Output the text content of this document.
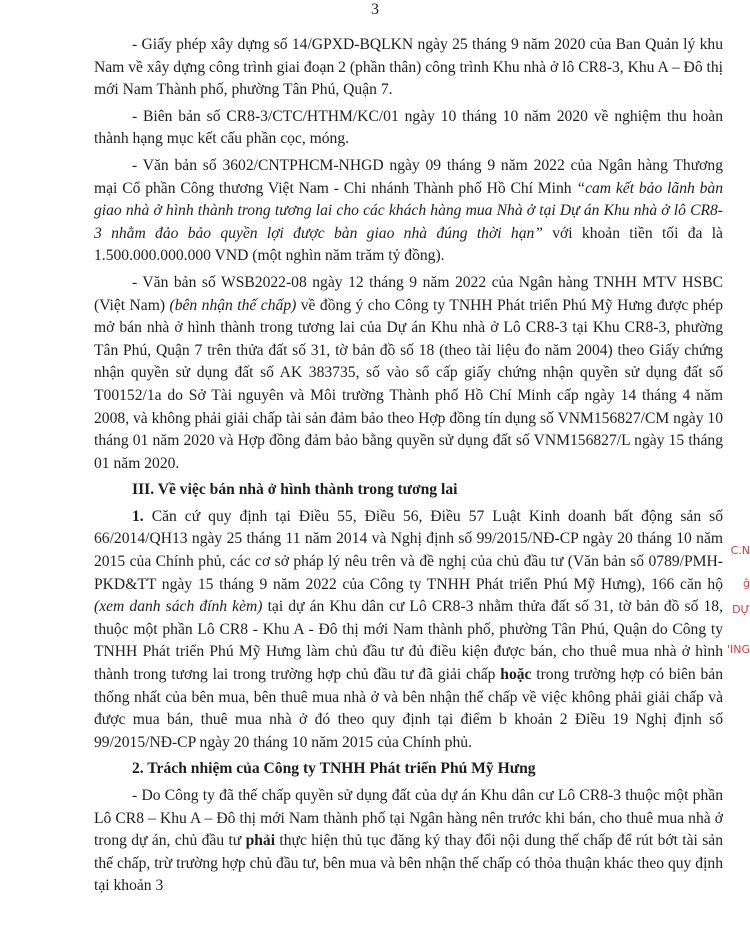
3

- Giấy phép xây dựng số 14/GPXD-BQLKN ngày 25 tháng 9 năm 2020 của Ban Quản lý khu Nam về xây dựng công trình giai đoạn 2 (phần thân) công trình Khu nhà ở lô CR8-3, Khu A – Đô thị mới Nam Thành phố, phường Tân Phú, Quận 7.

- Biên bản số CR8-3/CTC/HTHM/KC/01 ngày 10 tháng 10 năm 2020 về nghiệm thu hoàn thành hạng mục kết cấu phần cọc, móng.

- Văn bản số 3602/CNTPHCM-NHGD ngày 09 tháng 9 năm 2022 của Ngân hàng Thương mại Cổ phần Công thương Việt Nam - Chi nhánh Thành phố Hồ Chí Minh “cam kết bảo lãnh bàn giao nhà ở hình thành trong tương lai cho các khách hàng mua Nhà ở tại Dự án Khu nhà ở lô CR8-3 nhằm đảo bảo quyền lợi được bàn giao nhà đúng thời hạn” với khoản tiền tối đa là 1.500.000.000.000 VND (một nghìn năm trăm tỷ đồng).

- Văn bản số WSB2022-08 ngày 12 tháng 9 năm 2022 của Ngân hàng TNHH MTV HSBC (Việt Nam) (bên nhận thế chấp) về đồng ý cho Công ty TNHH Phát triển Phú Mỹ Hưng được phép mở bán nhà ở hình thành trong tương lai của Dự án Khu nhà ở Lô CR8-3 tại Khu CR8-3, phường Tân Phú, Quận 7 trên thửa đất số 31, tờ bản đồ số 18 (theo tài liệu đo năm 2004) theo Giấy chứng nhận quyền sử dụng đất số AK 383735, số vào sổ cấp giấy chứng nhận quyền sử dụng đất số T00152/1a do Sở Tài nguyên và Môi trường Thành phố Hồ Chí Minh cấp ngày 14 tháng 4 năm 2008, và không phải giải chấp tài sản đảm bảo theo Hợp đồng tín dụng số VNM156827/CM ngày 10 tháng 01 năm 2020 và Hợp đồng đảm bảo bằng quyền sử dụng đất số VNM156827/L ngày 15 tháng 01 năm 2020.

III. Về việc bán nhà ở hình thành trong tương lai

1. Căn cứ quy định tại Điều 55, Điều 56, Điều 57 Luật Kinh doanh bất động sản số 66/2014/QH13 ngày 25 tháng 11 năm 2014 và Nghị định số 99/2015/NĐ-CP ngày 20 tháng 10 năm 2015 của Chính phủ, các cơ sở pháp lý nêu trên và đề nghị của chủ đầu tư (Văn bản số 0789/PMH-PKD&TT ngày 15 tháng 9 năm 2022 của Công ty TNHH Phát triển Phú Mỹ Hưng), 166 căn hộ (xem danh sách đính kèm) tại dự án Khu dân cư Lô CR8-3 nhằm thửa đất số 31, tờ bản đồ số 18, thuộc một phần Lô CR8 - Khu A - Đô thị mới Nam thành phố, phường Tân Phú, Quận do Công ty TNHH Phát triển Phú Mỹ Hưng làm chủ đầu tư đủ điều kiện được bán, cho thuê mua nhà ở hình thành trong tương lai trong trường hợp chủ đầu tư đã giải chấp hoặc trong trường hợp có biên bản thống nhất của bên mua, bên thuê mua nhà ở và bên nhận thế chấp về việc không phải giải chấp và được mua bán, thuê mua nhà ở đó theo quy định tại điểm b khoản 2 Điều 19 Nghị định số 99/2015/NĐ-CP ngày 20 tháng 10 năm 2015 của Chính phủ.

2. Trách nhiệm của Công ty TNHH Phát triển Phú Mỹ Hưng

- Do Công ty đã thế chấp quyền sử dụng đất của dự án Khu dân cư Lô CR8-3 thuộc một phần Lô CR8 – Khu A – Đô thị mới Nam thành phố tại Ngân hàng nên trước khi bán, cho thuê mua nhà ở trong dự án, chủ đầu tư phải thực hiện thủ tục đăng ký thay đổi nội dung thế chấp để rút bớt tài sản thế chấp, trừ trường hợp chủ đầu tư, bên mua và bên nhận thế chấp có thỏa thuận khác theo quy định tại khoản 3

C.N
ĝ
DỰ
'ỈNG
